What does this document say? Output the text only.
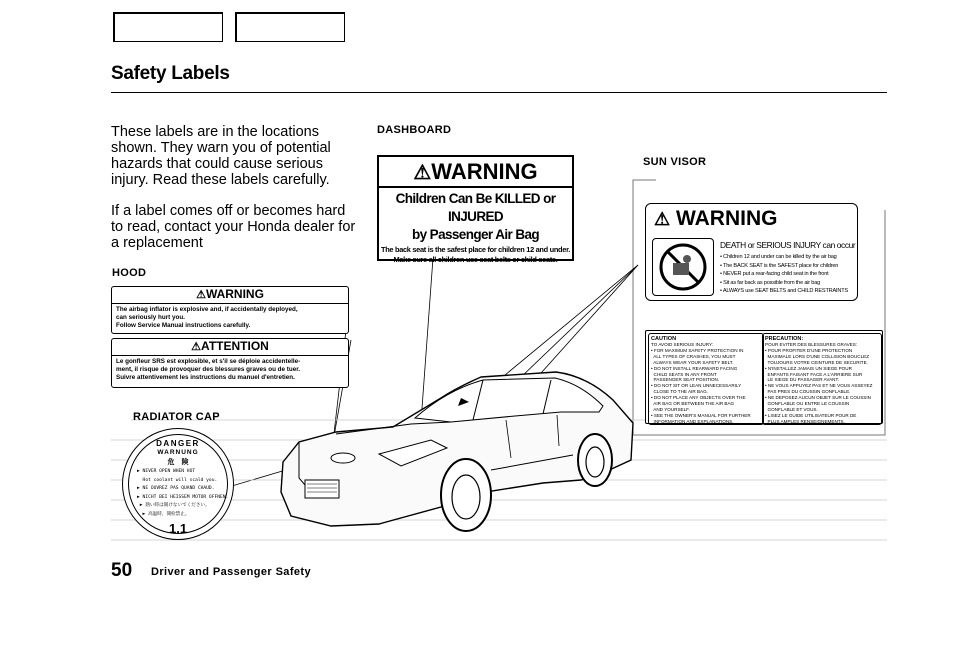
Safety Labels
These labels are in the locations shown. They warn you of potential hazards that could cause serious injury. Read these labels carefully.
If a label comes off or becomes hard to read, contact your Honda dealer for a replacement
DASHBOARD
SUN VISOR
HOOD
RADIATOR CAP
⚠WARNING
Children Can Be KILLED or INJURED
by Passenger Air Bag
The back seat is the safest place for children 12 and under.
Make sure all children use seat belts or child seats.
⚠WARNING
The airbag inflator is explosive and, if accidentally deployed,
can seriously hurt you.
Follow Service Manual instructions carefully.
⚠ATTENTION
Le gonfleur SRS est explosible, et s'il se déploie accidentelle-
ment, il risque de provoquer des blessures graves ou de tuer.
Suivre attentivement les instructions du manuel d'entretien.
⚠ WARNING
DEATH or SERIOUS INJURY can occur
• Children 12 and under can be killed by the air bag
• The BACK SEAT is the SAFEST place for children
• NEVER put a rear-facing child seat in the front
• Sit as far back as possible from the air bag
• ALWAYS use SEAT BELTS and CHILD RESTRAINTS
CAUTION
TO AVOID SERIOUS INJURY:
• FOR MAXIMUM SAFETY PROTECTION IN
ALL TYPES OF CRASHES, YOU MUST
ALWAYS WEAR YOUR SAFETY BELT.
• DO NOT INSTALL REARWARD FACING
CHILD SEATS IN ANY FRONT
PASSENGER SEAT POSITION.
• DO NOT SIT OR LEAN UNNECESSARILY
CLOSE TO THE AIR BAG.
• DO NOT PLACE ANY OBJECTS OVER THE
AIR BAG OR BETWEEN THE AIR BAG
AND YOURSELF.
• SEE THE OWNER'S MANUAL FOR FURTHER
INFORMATION AND EXPLANATIONS.
PRECAUTION:
POUR EVITER DES BLESSURES GRAVES:
• POUR PROFITER D'UNE PROTECTION
MAXIMALE LORS D'UNE COLLISION BOUCLEZ
TOUJOURS VOTRE CEINTURE DE SECURITE.
• N'INSTALLEZ JAMAIS UN SIEGE POUR
ENFANTS FAISANT FACE A L'ARRIERE SUR
LE SIEGE DU PASSAGER AVANT.
• NE VOUS APPUYEZ PAS ET NE VOUS ASSEYEZ
PAS PRES DU COUSSIN GONFLABLE.
• NE DEPOSEZ AUCUN OBJET SUR LE COUSSIN
GONFLABLE OU ENTRE LE COUSSIN
GONFLABLE ET VOUS.
• LISEZ LE GUIDE UTILISATEUR POUR DE
PLUS AMPLES RENSEIGNEMENTS.
DANGER
WARNUNG
危　険
▶ NEVER OPEN WHEN HOT
Hot coolant will scald you.
▶ NE OUVREZ PAS QUAND CHAUD.
▶ NICHT BEI HEISSEM MOTOR OFFNEN.
▶ 熱い時は開けないでください。
▶ 高温時、開栓禁止。
1.1
50 Driver and Passenger Safety
